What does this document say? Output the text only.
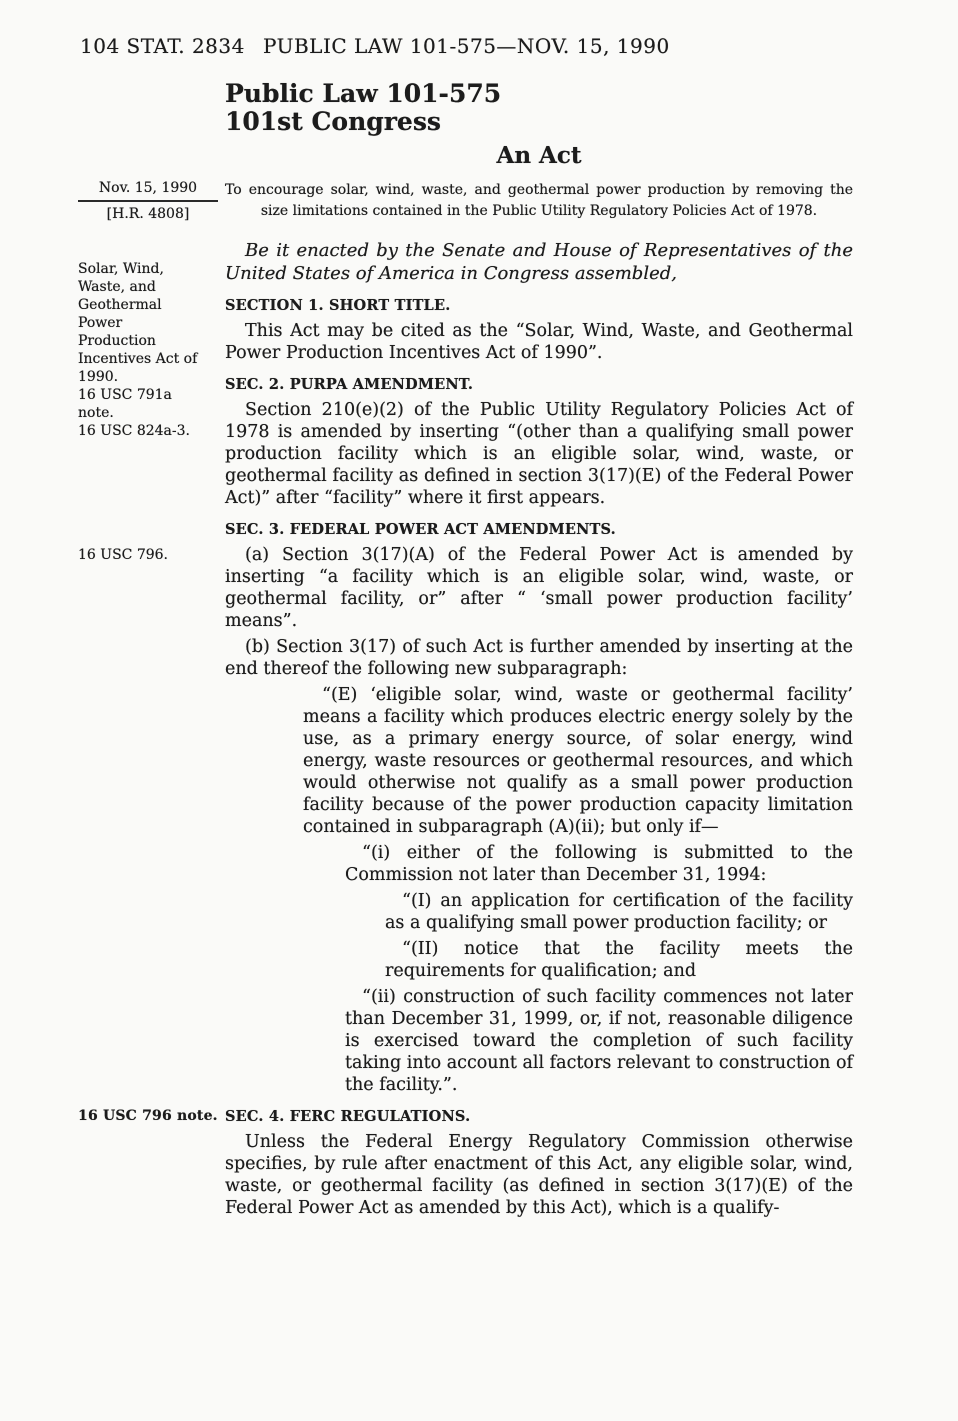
104 STAT. 2834 PUBLIC LAW 101-575—NOV. 15, 1990
Public Law 101-575
101st Congress
An Act

Nov. 15, 1990
[H.R. 4808]
To encourage solar, wind, waste, and geothermal power production by removing the size limitations contained in the Public Utility Regulatory Policies Act of 1978.

Solar, Wind, Waste, and Geothermal Power Production Incentives Act of 1990.
16 USC 791a note.
Be it enacted by the Senate and House of Representatives of the United States of America in Congress assembled,

SECTION 1. SHORT TITLE.

This Act may be cited as the “Solar, Wind, Waste, and Geothermal Power Production Incentives Act of 1990”.

SEC. 2. PURPA AMENDMENT.

16 USC 824a-3.
Section 210(e)(2) of the Public Utility Regulatory Policies Act of 1978 is amended by inserting “(other than a qualifying small power production facility which is an eligible solar, wind, waste, or geothermal facility as defined in section 3(17)(E) of the Federal Power Act)” after “facility” where it first appears.

SEC. 3. FEDERAL POWER ACT AMENDMENTS.

16 USC 796.	(a) Section 3(17)(A) of the Federal Power Act is amended by inserting “a facility which is an eligible solar, wind, waste, or geothermal facility, or” after “ ‘small power production facility’ means”.

(b) Section 3(17) of such Act is further amended by inserting at the end thereof the following new subparagraph:

“(E) ‘eligible solar, wind, waste or geothermal facility’ means a facility which produces electric energy solely by the use, as a primary energy source, of solar energy, wind energy, waste resources or geothermal resources, and which would otherwise not qualify as a small power production facility because of the power production capacity limitation contained in subparagraph (A)(ii); but only if—

“(i) either of the following is submitted to the Commission not later than December 31, 1994:

“(I) an application for certification of the facility as a qualifying small power production facility; or

“(II) notice that the facility meets the requirements for qualification; and

“(ii) construction of such facility commences not later than December 31, 1999, or, if not, reasonable diligence is exercised toward the completion of such facility taking into account all factors relevant to construction of the facility.”.

16 USC 796 note. SEC. 4. FERC REGULATIONS.

Unless the Federal Energy Regulatory Commission otherwise specifies, by rule after enactment of this Act, any eligible solar, wind, waste, or geothermal facility (as defined in section 3(17)(E) of the Federal Power Act as amended by this Act), which is a qualify-
